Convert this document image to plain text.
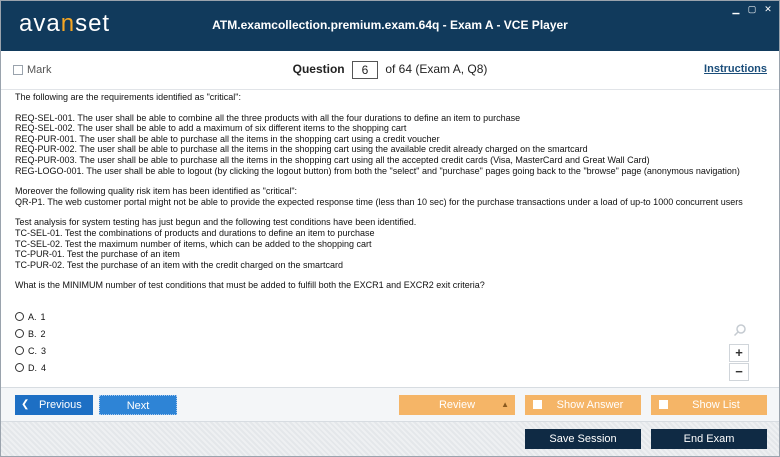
avanset	ATM.examcollection.premium.exam.64q - Exam A - VCE Player
▁ ▢ ✕
Mark	Question 6 of 64 (Exam A, Q8)	Instructions

The following are the requirements identified as "critical":

REQ-SEL-001. The user shall be able to combine all the three products with all the four durations to define an item to purchase

REQ-SEL-002. The user shall be able to add a maximum of six different items to the shopping cart

REQ-PUR-001. The user shall be able to purchase all the items in the shopping cart using a credit voucher

REQ-PUR-002. The user shall be able to purchase all the items in the shopping cart using the available credit already charged on the smartcard

REQ-PUR-003. The user shall be able to purchase all the items in the shopping cart using all the accepted credit cards (Visa, MasterCard and Great Wall Card)

REG-LOGO-001. The user shall be able to logout (by clicking the logout button) from both the "select" and "purchase" pages going back to the "browse" page (anonymous navigation)

Moreover the following quality risk item has been identified as "critical":

QR-P1. The web customer portal might not be able to provide the expected response time (less than 10 sec) for the purchase transactions under a load of up-to 1000 concurrent users

Test analysis for system testing has just begun and the following test conditions have been identified.

TC-SEL-01. Test the combinations of products and durations to define an item to purchase

TC-SEL-02. Test the maximum number of items, which can be added to the shopping cart

TC-PUR-01. Test the purchase of an item

TC-PUR-02. Test the purchase of an item with the credit charged on the smartcard

What is the MINIMUM number of test conditions that must be added to fulfill both the EXCR1 and EXCR2 exit criteria?

A. 1
B. 2
C. 3
D. 4
+
−
❮ Previous	Next	Review	▲	Show Answer	Show List
Save Session	End Exam
